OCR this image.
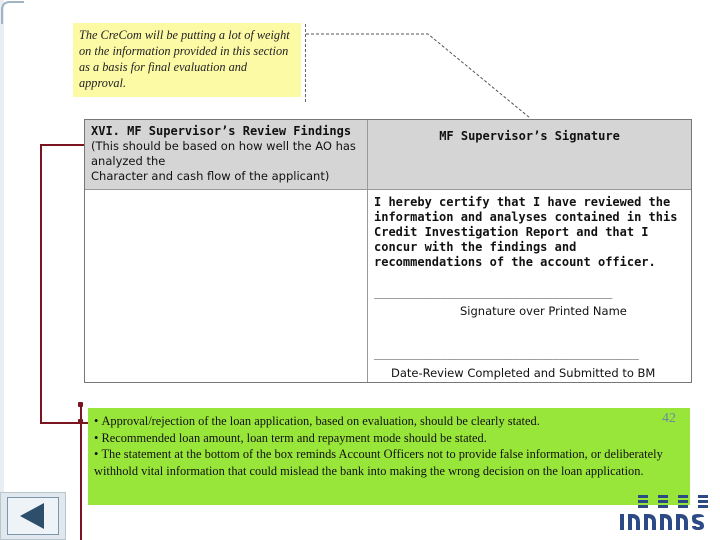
The CreCom will be putting a lot of weight on the information provided in this section as a basis for final evaluation and approval.
XVI. MF Supervisor’s Review Findings
(This should be based on how well the AO has analyzed the
Character and cash flow of the applicant)
MF Supervisor’s Signature
I hereby certify that I have reviewed the information and analyses contained in this Credit Investigation Report and that I concur with the findings and recommendations of the account officer.
____________________________________
Signature over Printed Name
________________________________________
Date-Review Completed and Submitted to BM
• Approval/rejection of the loan application, based on evaluation, should be clearly stated.
• Recommended loan amount, loan term and repayment mode should be stated.
• The statement at the bottom of the box reminds Account Officers not to provide false information, or deliberately withhold vital information that could mislead the bank into making the wrong decision on the loan application.
42
